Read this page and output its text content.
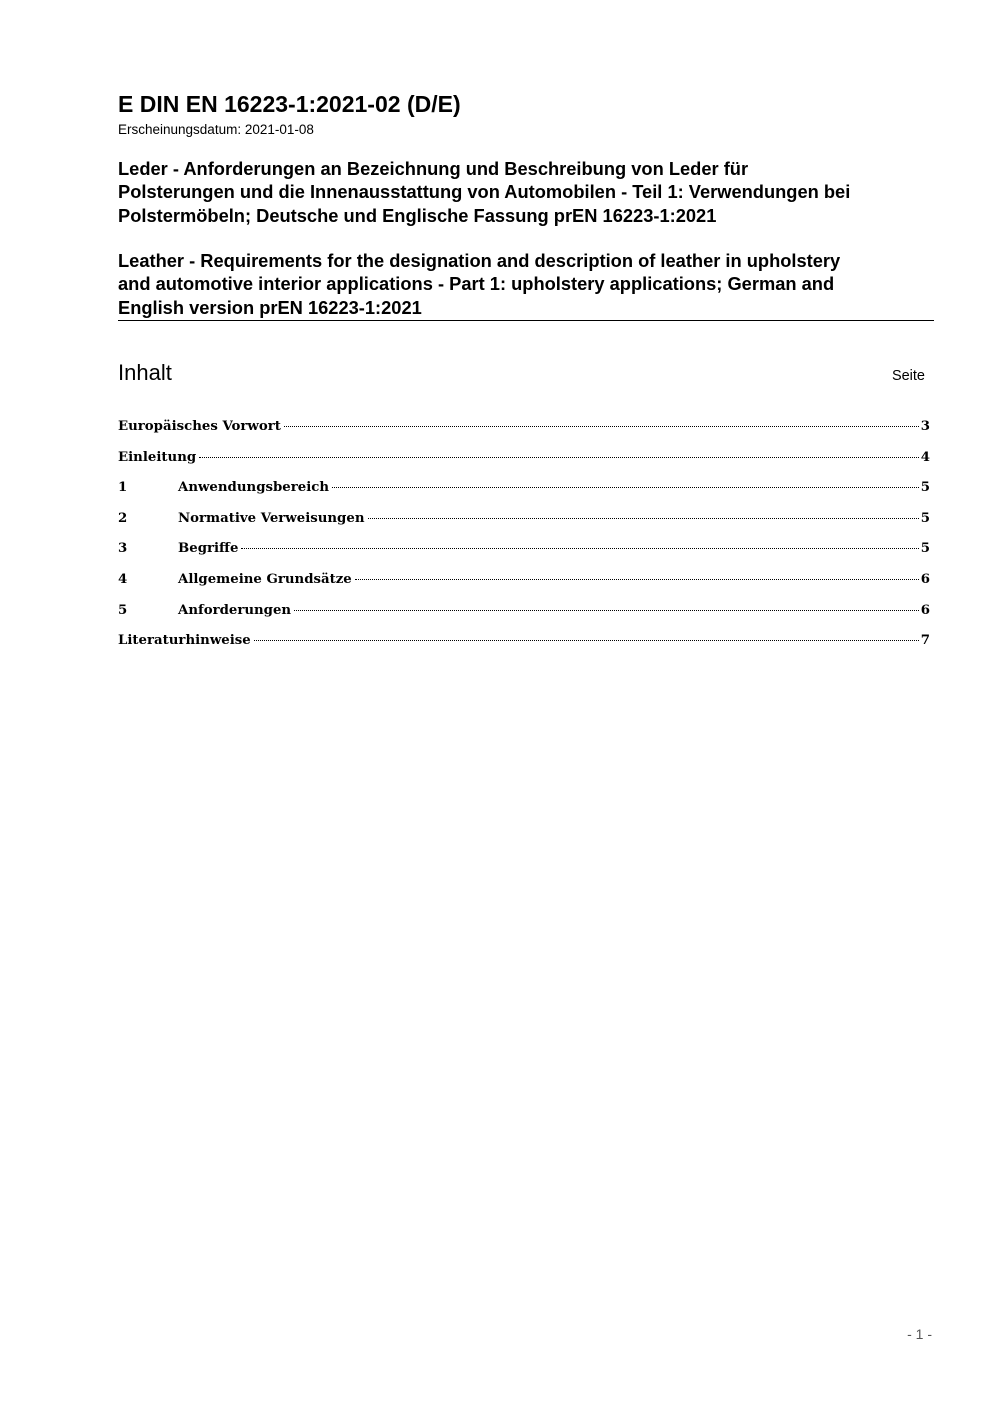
E DIN EN 16223-1:2021-02 (D/E)
Erscheinungsdatum: 2021-01-08
Leder - Anforderungen an Bezeichnung und Beschreibung von Leder für
Polsterungen und die Innenausstattung von Automobilen - Teil 1: Verwendungen bei
Polstermöbeln; Deutsche und Englische Fassung prEN 16223-1:2021
Leather - Requirements for the designation and description of leather in upholstery
and automotive interior applications - Part 1: upholstery applications; German and
English version prEN 16223-1:2021
Inhalt	Seite
Europäisches Vorwort	3
Einleitung	4
1	Anwendungsbereich	5
2	Normative Verweisungen	5
3	Begriffe	5
4	Allgemeine Grundsätze	6
5	Anforderungen	6
Literaturhinweise	7
- 1 -
